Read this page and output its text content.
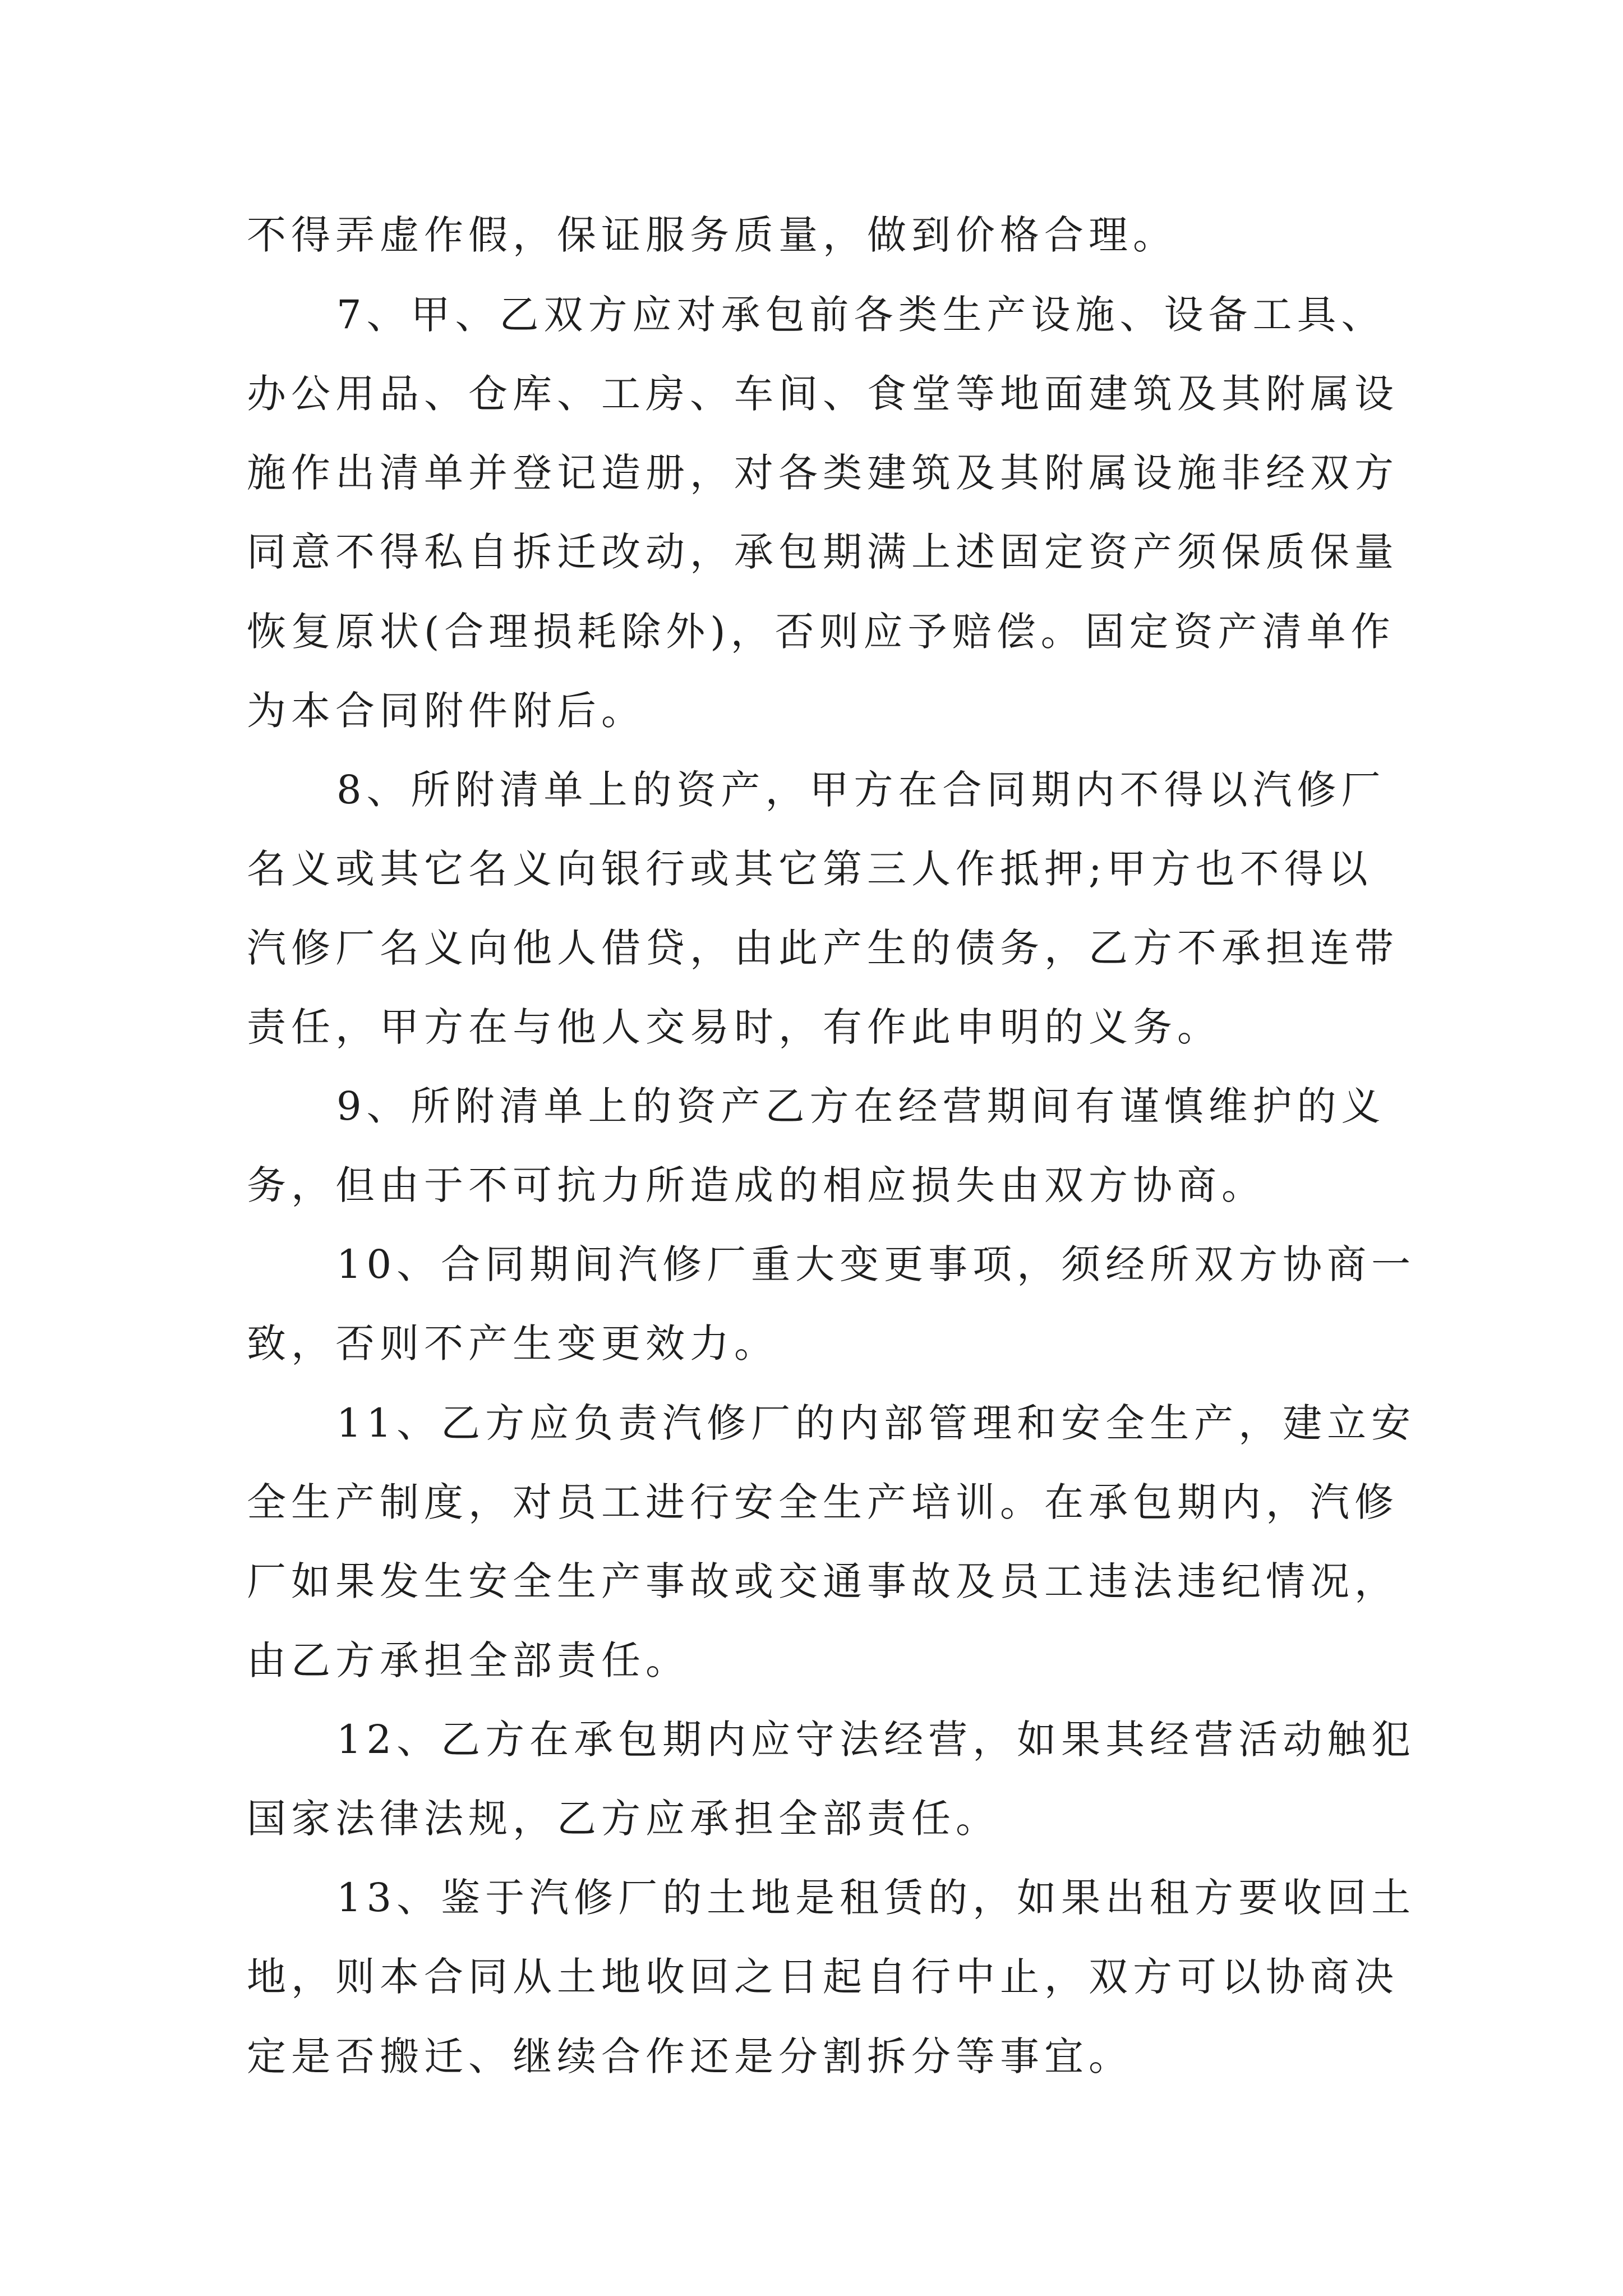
不得弄虚作假，保证服务质量，做到价格合理。
7、甲、乙双方应对承包前各类生产设施、设备工具、
办公用品、仓库、工房、车间、食堂等地面建筑及其附属设
施作出清单并登记造册，对各类建筑及其附属设施非经双方
同意不得私自拆迁改动，承包期满上述固定资产须保质保量
恢复原状(合理损耗除外)，否则应予赔偿。固定资产清单作
为本合同附件附后。
8、所附清单上的资产，甲方在合同期内不得以汽修厂
名义或其它名义向银行或其它第三人作抵押;甲方也不得以
汽修厂名义向他人借贷，由此产生的债务，乙方不承担连带
责任，甲方在与他人交易时，有作此申明的义务。
9、所附清单上的资产乙方在经营期间有谨慎维护的义
务，但由于不可抗力所造成的相应损失由双方协商。
10、合同期间汽修厂重大变更事项，须经所双方协商一
致，否则不产生变更效力。
11、乙方应负责汽修厂的内部管理和安全生产，建立安
全生产制度，对员工进行安全生产培训。在承包期内，汽修
厂如果发生安全生产事故或交通事故及员工违法违纪情况，
由乙方承担全部责任。
12、乙方在承包期内应守法经营，如果其经营活动触犯
国家法律法规，乙方应承担全部责任。
13、鉴于汽修厂的土地是租赁的，如果出租方要收回土
地，则本合同从土地收回之日起自行中止，双方可以协商决
定是否搬迁、继续合作还是分割拆分等事宜。
